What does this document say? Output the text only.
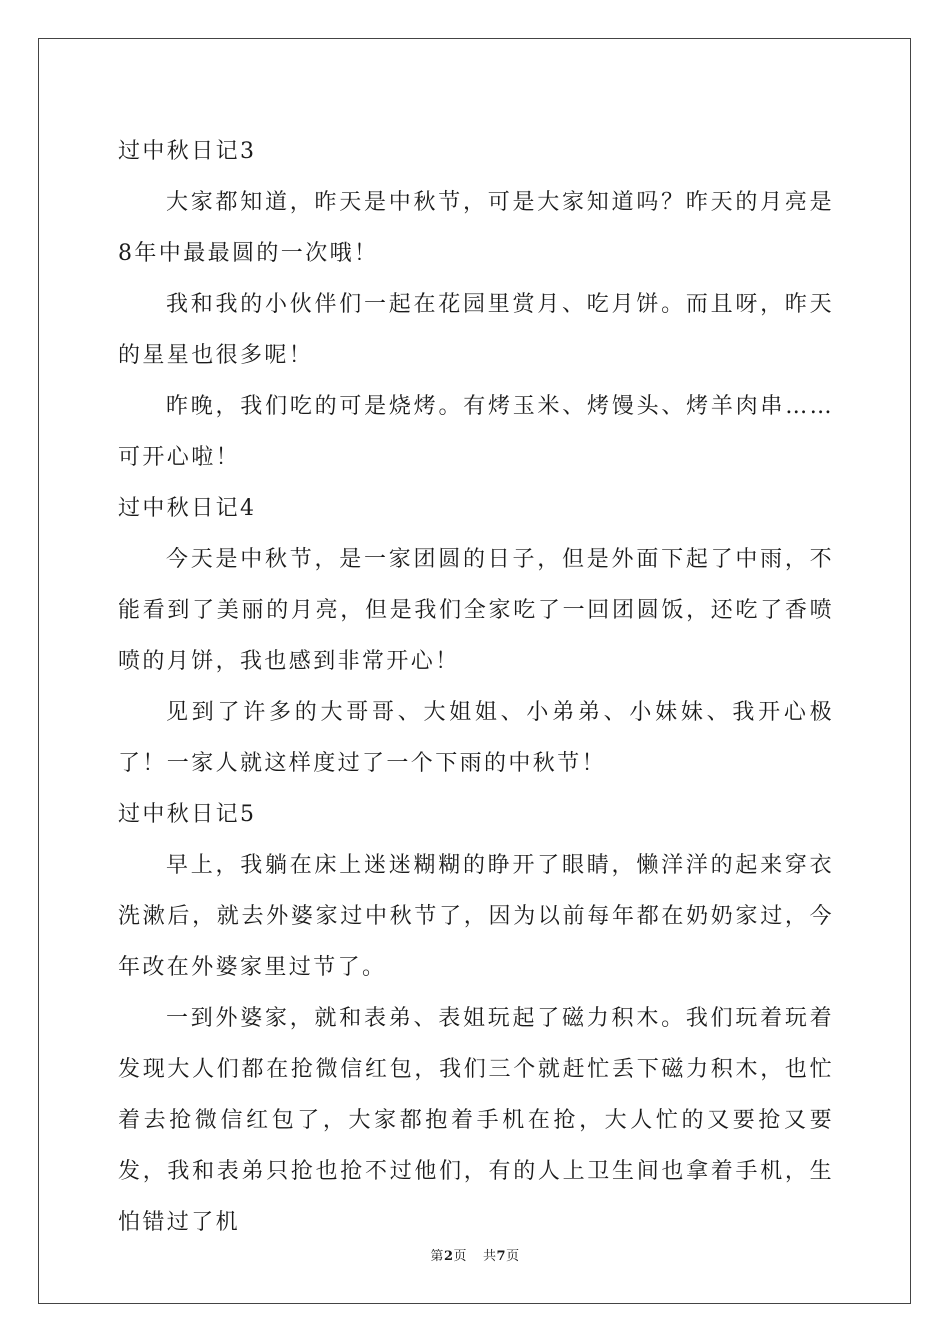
过中秋日记3

大家都知道，昨天是中秋节，可是大家知道吗？昨天的月亮是8年中最最圆的一次哦！

我和我的小伙伴们一起在花园里赏月、吃月饼。而且呀，昨天的星星也很多呢！

昨晚，我们吃的可是烧烤。有烤玉米、烤馒头、烤羊肉串……可开心啦！

过中秋日记4

今天是中秋节，是一家团圆的日子，但是外面下起了中雨，不能看到了美丽的月亮，但是我们全家吃了一回团圆饭，还吃了香喷喷的月饼，我也感到非常开心！

见到了许多的大哥哥、大姐姐、小弟弟、小妹妹、我开心极了！一家人就这样度过了一个下雨的中秋节！

过中秋日记5

早上，我躺在床上迷迷糊糊的睁开了眼睛，懒洋洋的起来穿衣洗漱后，就去外婆家过中秋节了，因为以前每年都在奶奶家过，今年改在外婆家里过节了。

一到外婆家，就和表弟、表姐玩起了磁力积木。我们玩着玩着发现大人们都在抢微信红包，我们三个就赶忙丢下磁力积木，也忙着去抢微信红包了，大家都抱着手机在抢，大人忙的又要抢又要发，我和表弟只抢也抢不过他们，有的人上卫生间也拿着手机，生怕错过了机

第2页 共7页
